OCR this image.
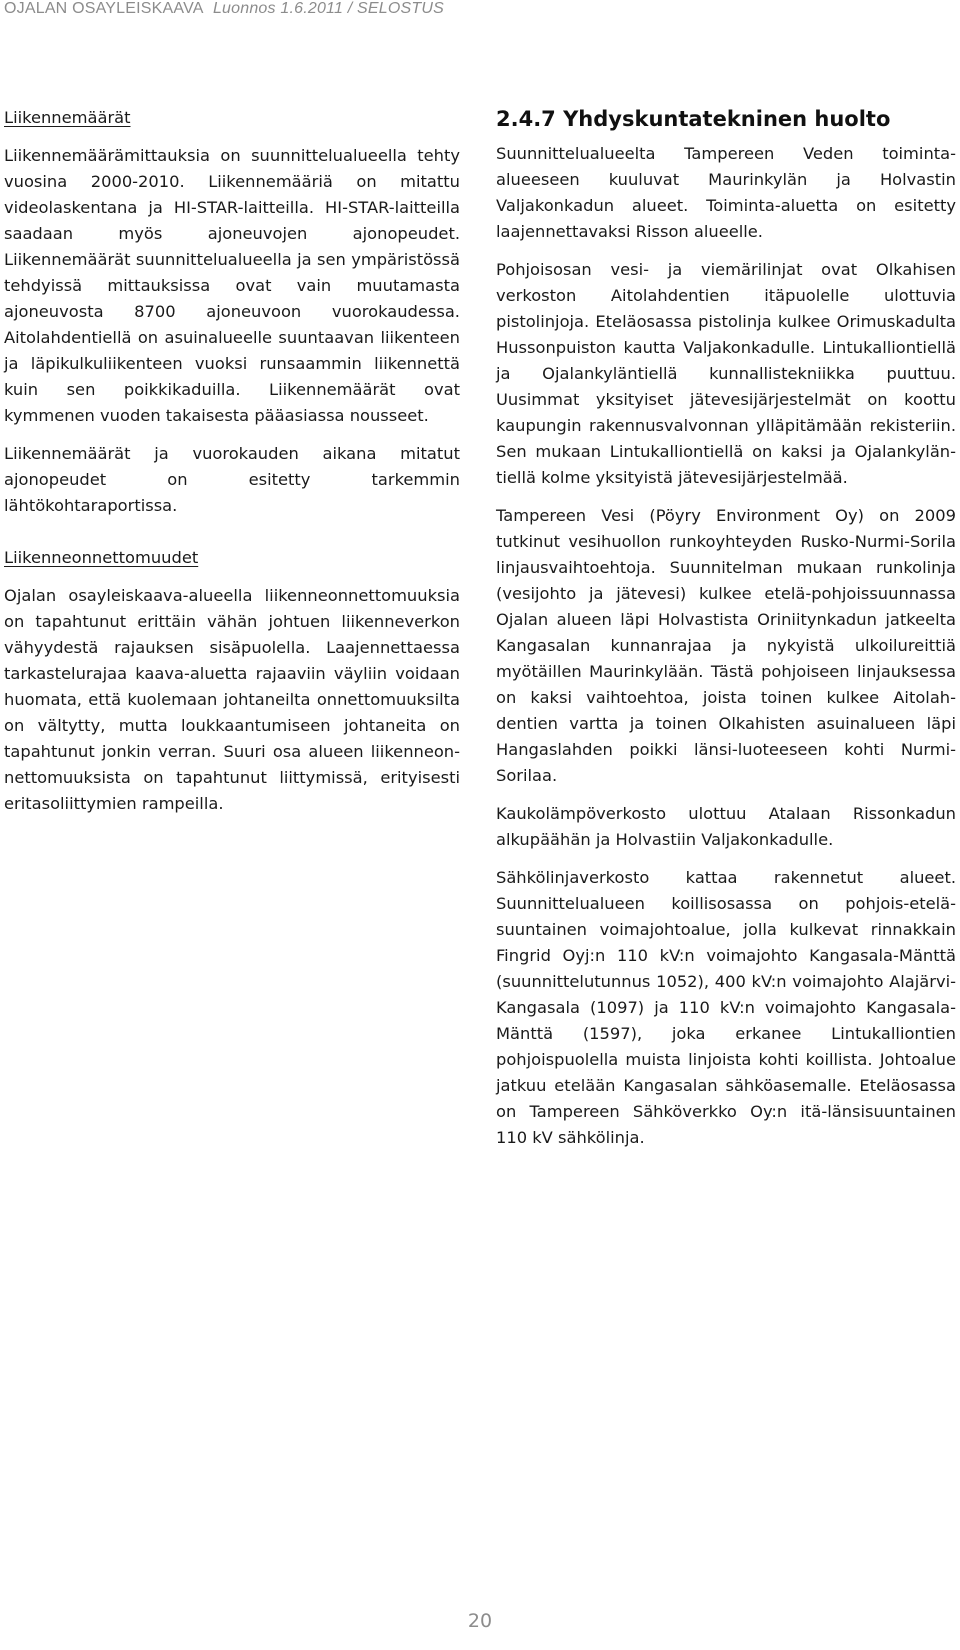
OJALAN OSAYLEISKAAVA Luonnos 1.6.2011 / SELOSTUS

Liikennemäärät

Liikennemäärämittauksia on suunnittelualueella tehty vuosina 2000-2010. Liikennemääriä on mitattu videolaskentana ja HI-STAR-laitteilla. HI-STAR-laitteilla saadaan myös ajoneuvojen ajonopeudet. Liikennemäärät suunnittelualueella ja sen ympäristössä tehdyissä mittauksissa ovat vain muutamasta ajoneuvosta 8700 ajoneuvoon vuorokaudessa. Aitolahdentiellä on asuinalueelle suuntaavan liikenteen ja läpikulkuliikenteen vuoksi runsaammin liikennettä kuin sen poikkikaduilla. Liikennemäärät ovat kymmenen vuoden takaisesta pääasiassa nousseet.

Liikennemäärät ja vuorokauden aikana mitatut ajonopeudet on esitetty tarkemmin lähtökohtaraportissa.

Liikenneonnettomuudet

Ojalan osayleiskaava-alueella liikenneonnettomuuksia on tapahtunut erittäin vähän johtuen liikenneverkon vähyydestä rajauksen sisäpuolella. Laajennettaessa tarkastelurajaa kaava-aluetta rajaaviin väyliin voidaan huomata, että kuolemaan johtaneilta onnettomuuksilta on vältytty, mutta loukkaantumiseen johtaneita on tapahtunut jonkin verran. Suuri osa alueen liikenneonnettomuuksista on tapahtunut liittymissä, erityisesti eritasoliittymien rampeilla.

2.4.7 Yhdyskuntatekninen huolto

Suunnittelualueelta Tampereen Veden toimintaalueeseen kuuluvat Maurinkylän ja Holvastin Valjakonkadun alueet. Toiminta-aluetta on esitetty laajennettavaksi Risson alueelle.

Pohjoisosan vesi- ja viemärilinjat ovat Olkahisen verkoston Aitolahdentien itäpuolelle ulottuvia pistolinjoja. Eteläosassa pistolinja kulkee Orimuskadulta Hussonpuiston kautta Valjakonkadulle. Lintukalliontiellä ja Ojalankyläntiellä kunnallistekniikka puuttuu. Uusimmat yksityiset jätevesijärjestelmät on koottu kaupungin rakennusvalvonnan ylläpitämään rekisteriin. Sen mukaan Lintukalliontiellä on kaksi ja Ojalankyläntiellä kolme yksityistä jätevesijärjestelmää.

Tampereen Vesi (Pöyry Environment Oy) on 2009 tutkinut vesihuollon runkoyhteyden Rusko-Nurmi-Sorila linjausvaihtoehtoja. Suunnitelman mukaan runkolinja (vesijohto ja jätevesi) kulkee etelä-pohjoissuunnassa Ojalan alueen läpi Holvastista Oriniitynkadun jatkeelta Kangasalan kunnanrajaa ja nykyistä ulkoilureittiä myötäillen Maurinkylään. Tästä pohjoiseen linjauksessa on kaksi vaihtoehtoa, joista toinen kulkee Aitolahdentien vartta ja toinen Olkahisten asuinalueen läpi Hangaslahden poikki länsi-luoteeseen kohti Nurmi-Sorilaa.

Kaukolämpöverkosto ulottuu Atalaan Rissonkadun alkupäähän ja Holvastiin Valjakonkadulle.

Sähkölinjaverkosto kattaa rakennetut alueet. Suunnittelualueen koillisosassa on pohjois-eteläsuuntainen voimajohtoalue, jolla kulkevat rinnakkain Fingrid Oyj:n 110 kV:n voimajohto Kangasala-Mänttä (suunnittelutunnus 1052), 400 kV:n voimajohto Alajärvi-Kangasala (1097) ja 110 kV:n voimajohto Kangasala-Mänttä (1597), joka erkanee Lintukalliontien pohjoispuolella muista linjoista kohti koillista. Johtoalue jatkuu etelään Kangasalan sähköasemalle. Eteläosassa on Tampereen Sähköverkko Oy:n itä-länsisuuntainen 110 kV sähkölinja.

20
